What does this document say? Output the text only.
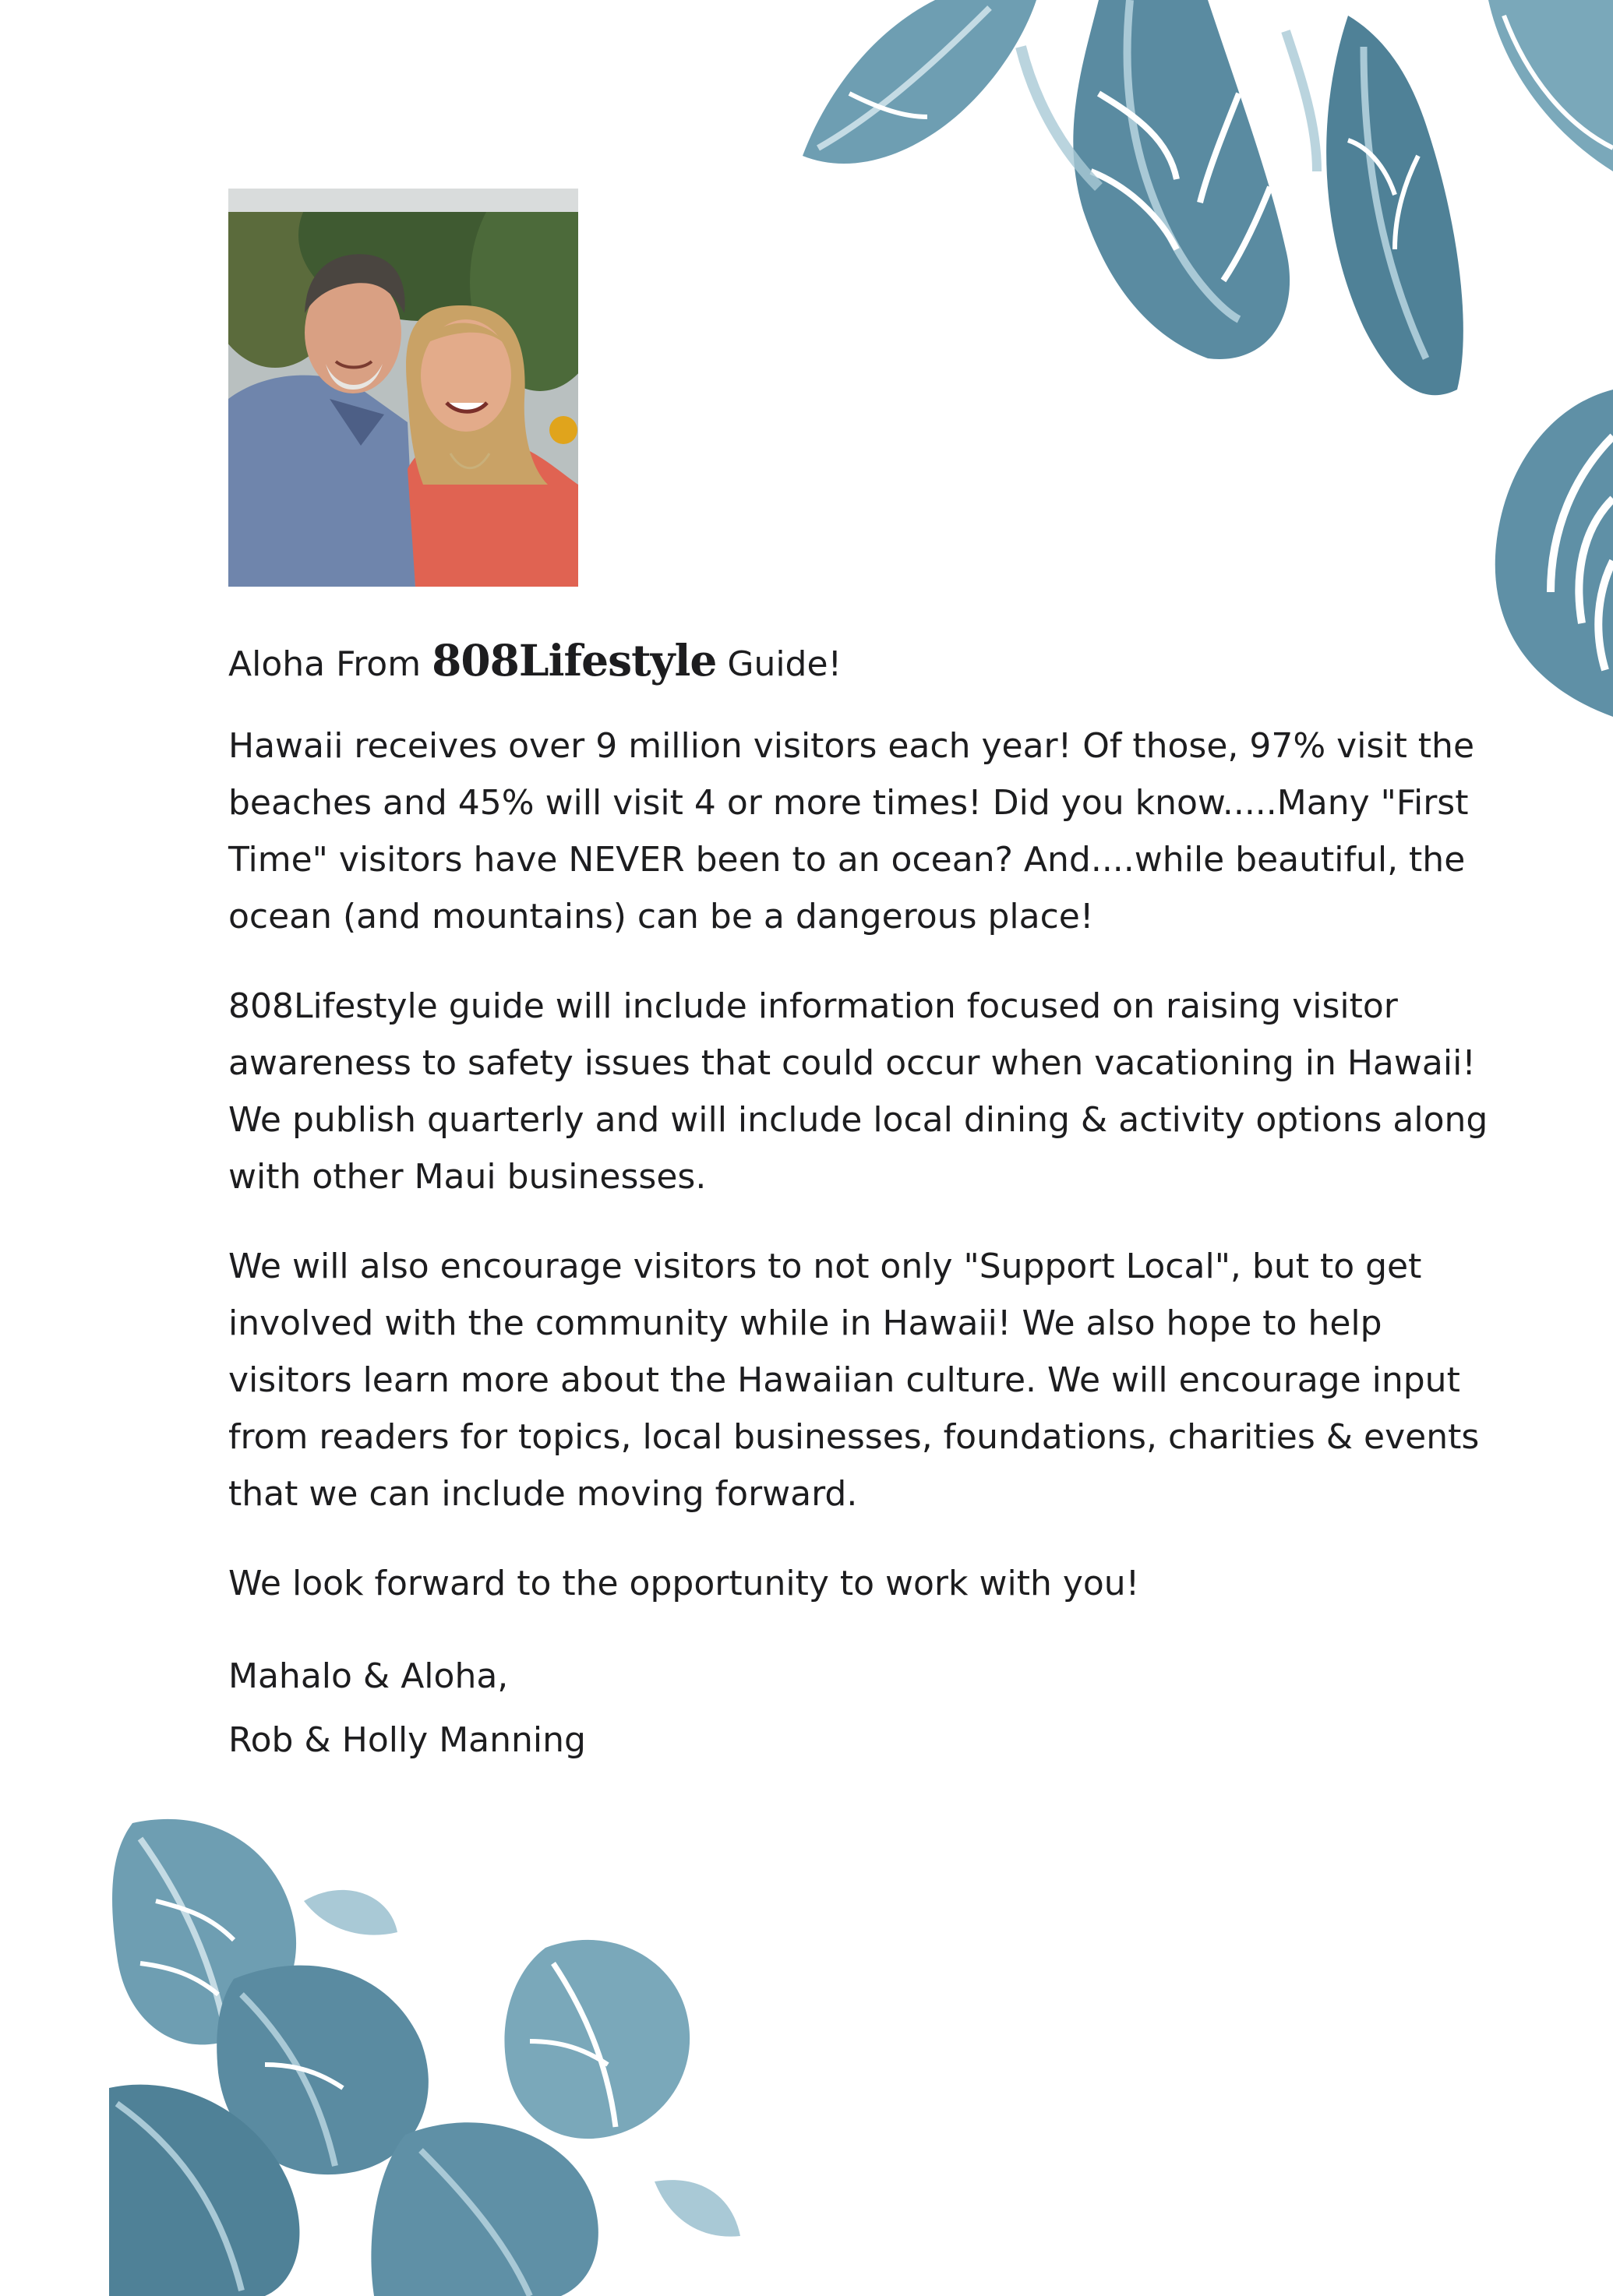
Aloha From 808Lifestyle Guide!

Hawaii receives over 9 million visitors each year! Of those, 97% visit the
beaches and 45% will visit 4 or more times! Did you know.....Many "First
Time" visitors have NEVER been to an ocean? And....while beautiful, the
ocean (and mountains) can be a dangerous place!

808Lifestyle guide will include information focused on raising visitor
awareness to safety issues that could occur when vacationing in Hawaii!
We publish quarterly and will include local dining & activity options along
with other Maui businesses.

We will also encourage visitors to not only "Support Local", but to get
involved with the community while in Hawaii! We also hope to help
visitors learn more about the Hawaiian culture. We will encourage input
from readers for topics, local businesses, foundations, charities & events
that we can include moving forward.

We look forward to the opportunity to work with you!

Mahalo & Aloha,
Rob & Holly Manning
